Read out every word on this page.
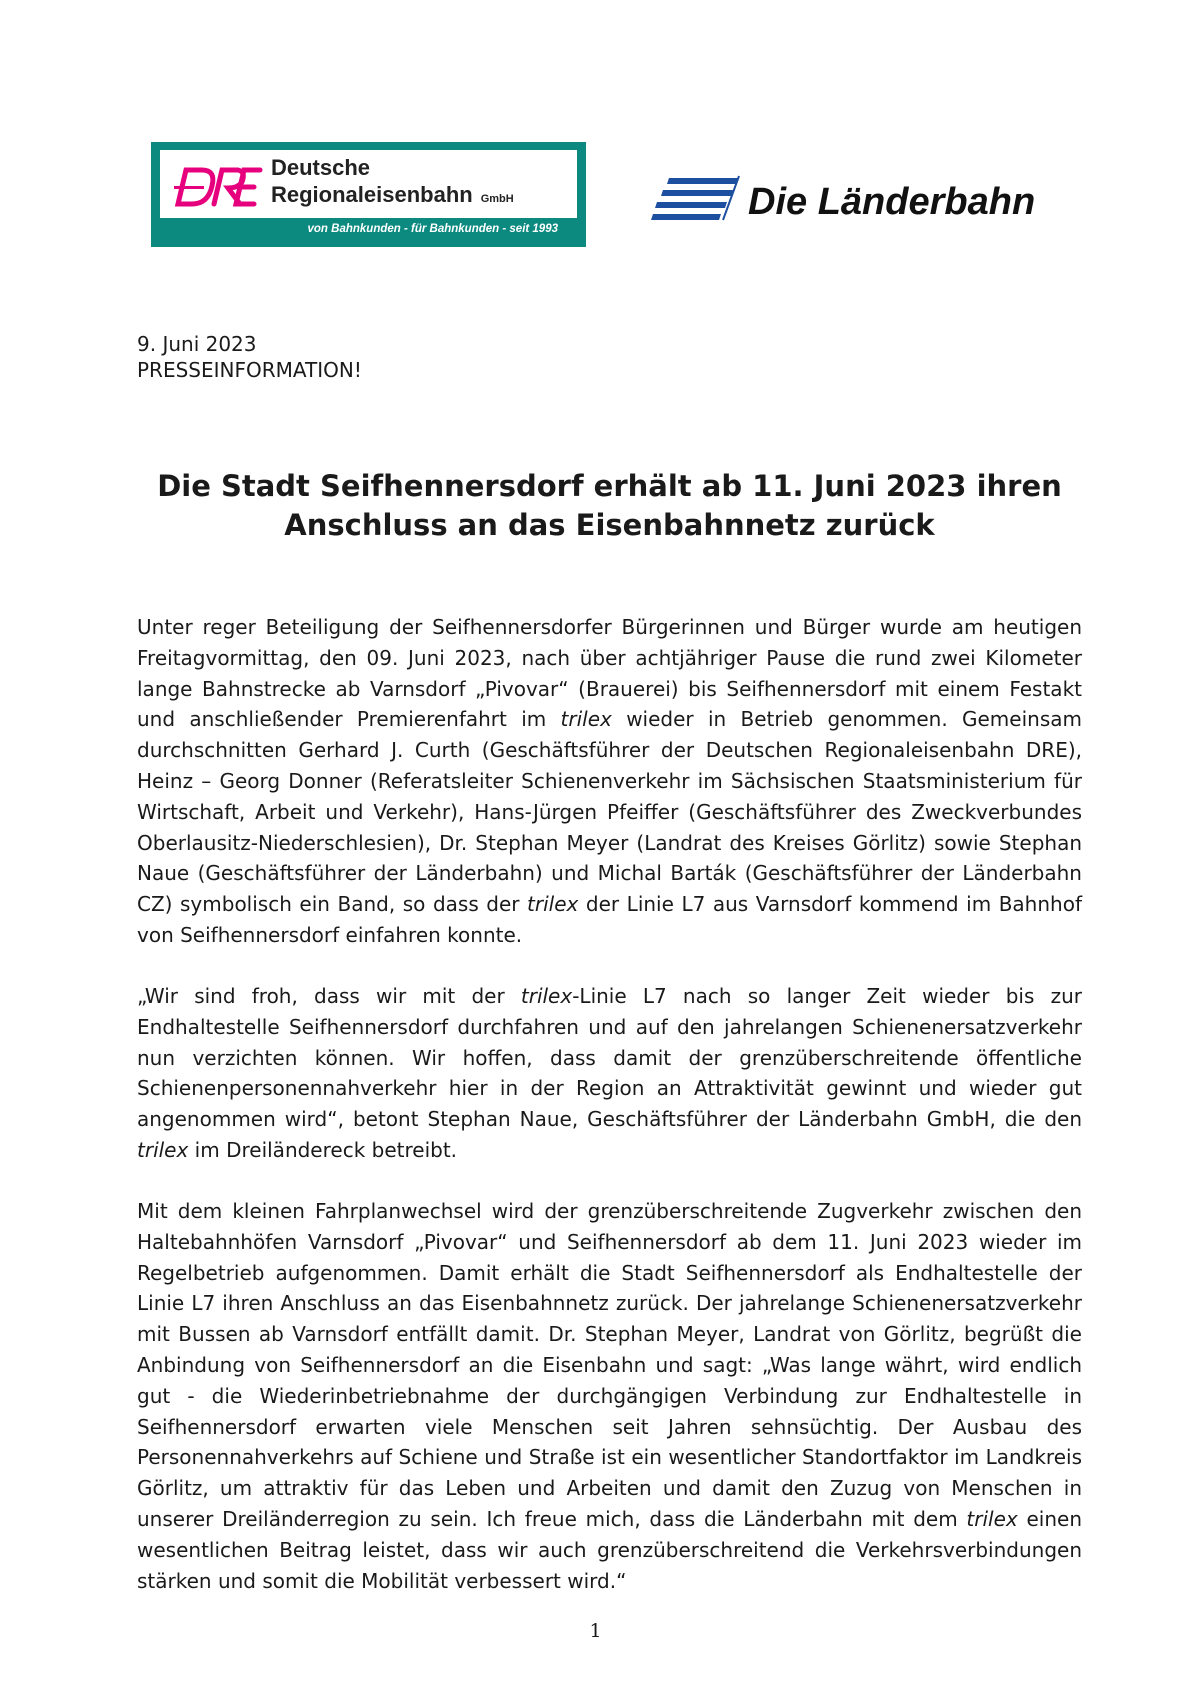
Deutsche
Regionaleisenbahn GmbH
von Bahnkunden - für Bahnkunden - seit 1993
Die Länderbahn
9. Juni 2023
PRESSEINFORMATION!
Die Stadt Seifhennersdorf erhält ab 11. Juni 2023 ihren
Anschluss an das Eisenbahnnetz zurück

Unter reger Beteiligung der Seifhennersdorfer Bürgerinnen und Bürger wurde am heutigen Freitagvormittag, den 09. Juni 2023, nach über achtjähriger Pause die rund zwei Kilometer lange Bahnstrecke ab Varnsdorf „Pivovar“ (Brauerei) bis Seifhennersdorf mit einem Festakt und anschließender Premierenfahrt im trilex wieder in Betrieb genommen. Gemeinsam durchschnitten Gerhard J. Curth (Geschäftsführer der Deutschen Regionaleisenbahn DRE), Heinz – Georg Donner (Referatsleiter Schienenverkehr im Sächsischen Staatsministerium für Wirtschaft, Arbeit und Verkehr), Hans-Jürgen Pfeiffer (Geschäftsführer des Zweckverbundes Oberlausitz-Niederschlesien), Dr. Stephan Meyer (Landrat des Kreises Görlitz) sowie Stephan Naue (Geschäftsführer der Länderbahn) und Michal Barták (Geschäftsführer der Länderbahn CZ) symbolisch ein Band, so dass der trilex der Linie L7 aus Varnsdorf kommend im Bahnhof von Seifhennersdorf einfahren konnte.

„Wir sind froh, dass wir mit der trilex-Linie L7 nach so langer Zeit wieder bis zur Endhaltestelle Seifhennersdorf durchfahren und auf den jahrelangen Schienenersatzverkehr nun verzichten können. Wir hoffen, dass damit der grenzüberschreitende öffentliche Schienenpersonennahverkehr hier in der Region an Attraktivität gewinnt und wieder gut angenommen wird“, betont Stephan Naue, Geschäftsführer der Länderbahn GmbH, die den trilex im Dreiländereck betreibt.

Mit dem kleinen Fahrplanwechsel wird der grenzüberschreitende Zugverkehr zwischen den Haltebahnhöfen Varnsdorf „Pivovar“ und Seifhennersdorf ab dem 11. Juni 2023 wieder im Regelbetrieb aufgenommen. Damit erhält die Stadt Seifhennersdorf als Endhaltestelle der Linie L7 ihren Anschluss an das Eisenbahnnetz zurück. Der jahrelange Schienenersatzverkehr mit Bussen ab Varnsdorf entfällt damit. Dr. Stephan Meyer, Landrat von Görlitz, begrüßt die Anbindung von Seifhennersdorf an die Eisenbahn und sagt: „Was lange währt, wird endlich gut - die Wiederinbetriebnahme der durchgängigen Verbindung zur Endhaltestelle in Seifhennersdorf erwarten viele Menschen seit Jahren sehnsüchtig. Der Ausbau des Personennahverkehrs auf Schiene und Straße ist ein wesentlicher Standortfaktor im Landkreis Görlitz, um attraktiv für das Leben und Arbeiten und damit den Zuzug von Menschen in unserer Dreiländerregion zu sein. Ich freue mich, dass die Länderbahn mit dem trilex einen wesentlichen Beitrag leistet, dass wir auch grenzüberschreitend die Verkehrsverbindungen stärken und somit die Mobilität verbessert wird.“

1
